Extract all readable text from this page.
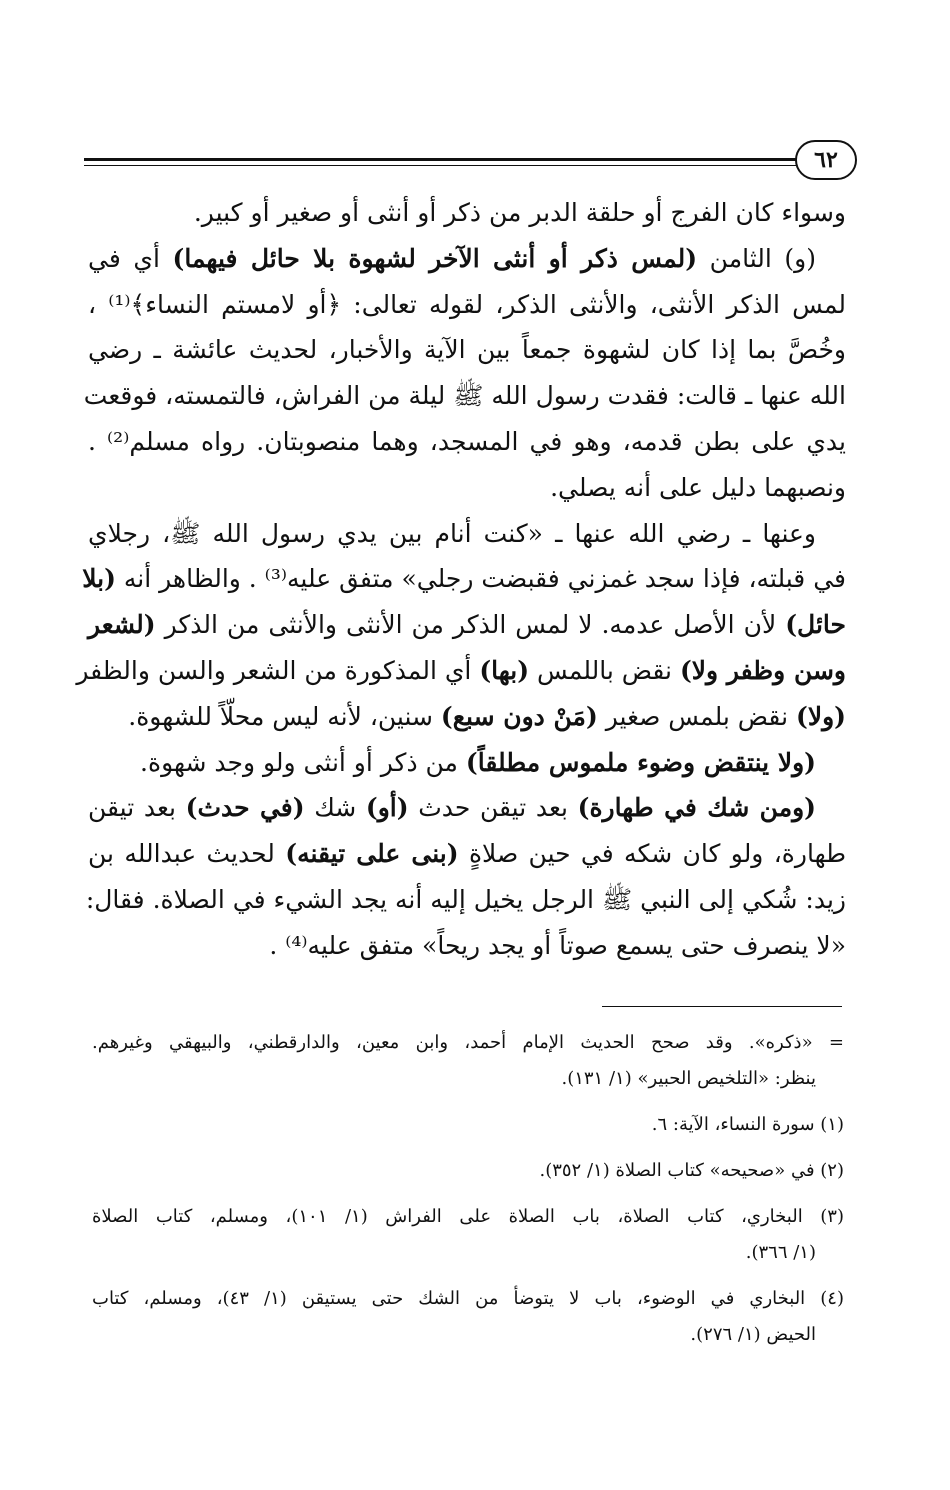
٦٢
وسواء كان الفرج أو حلقة الدبر من ذكر أو أنثى أو صغير أو كبير.
(و) الثامن (لمس ذكر أو أنثى الآخر لشهوة بلا حائل فيهما) أي في
لمس الذكر الأنثى، والأنثى الذكر، لقوله تعالى: ﴿أو لامستم النساء﴾⁽¹⁾ ،
وخُصَّ بما إذا كان لشهوة جمعاً بين الآية والأخبار، لحديث عائشة ـ رضي
الله عنها ـ قالت: فقدت رسول الله ﷺ ليلة من الفراش، فالتمسته، فوقعت
يدي على بطن قدمه، وهو في المسجد، وهما منصوبتان. رواه مسلم⁽²⁾ .
ونصبهما دليل على أنه يصلي.
وعنها ـ رضي الله عنها ـ «كنت أنام بين يدي رسول الله ﷺ، رجلاي
في قبلته، فإذا سجد غمزني فقبضت رجلي» متفق عليه⁽³⁾ . والظاهر أنه (بلا
حائل) لأن الأصل عدمه. لا لمس الذكر من الأنثى والأنثى من الذكر (لشعر
وسن وظفر ولا) نقض باللمس (بها) أي المذكورة من الشعر والسن والظفر
(ولا) نقض بلمس صغير (مَنْ دون سبع) سنين، لأنه ليس محلّاً للشهوة.
(ولا ينتقض وضوء ملموس مطلقاً) من ذكر أو أنثى ولو وجد شهوة.
(ومن شك في طهارة) بعد تيقن حدث (أو) شك (في حدث) بعد تيقن
طهارة، ولو كان شكه في حين صلاةٍ (بنى على تيقنه) لحديث عبدالله بن
زيد: شُكي إلى النبي ﷺ الرجل يخيل إليه أنه يجد الشيء في الصلاة. فقال:
«لا ينصرف حتى يسمع صوتاً أو يجد ريحاً» متفق عليه⁽⁴⁾ .
= «ذكره». وقد صحح الحديث الإمام أحمد، وابن معين، والدارقطني، والبيهقي وغيرهم.
ينظر: «التلخيص الحبير» (١/ ١٣١).
(١) سورة النساء، الآية: ٦.
(٢) في «صحيحه» كتاب الصلاة (١/ ٣٥٢).
(٣) البخاري، كتاب الصلاة، باب الصلاة على الفراش (١/ ١٠١)، ومسلم، كتاب الصلاة
(١/ ٣٦٦).
(٤) البخاري في الوضوء، باب لا يتوضأ من الشك حتى يستيقن (١/ ٤٣)، ومسلم، كتاب
الحيض (١/ ٢٧٦).
